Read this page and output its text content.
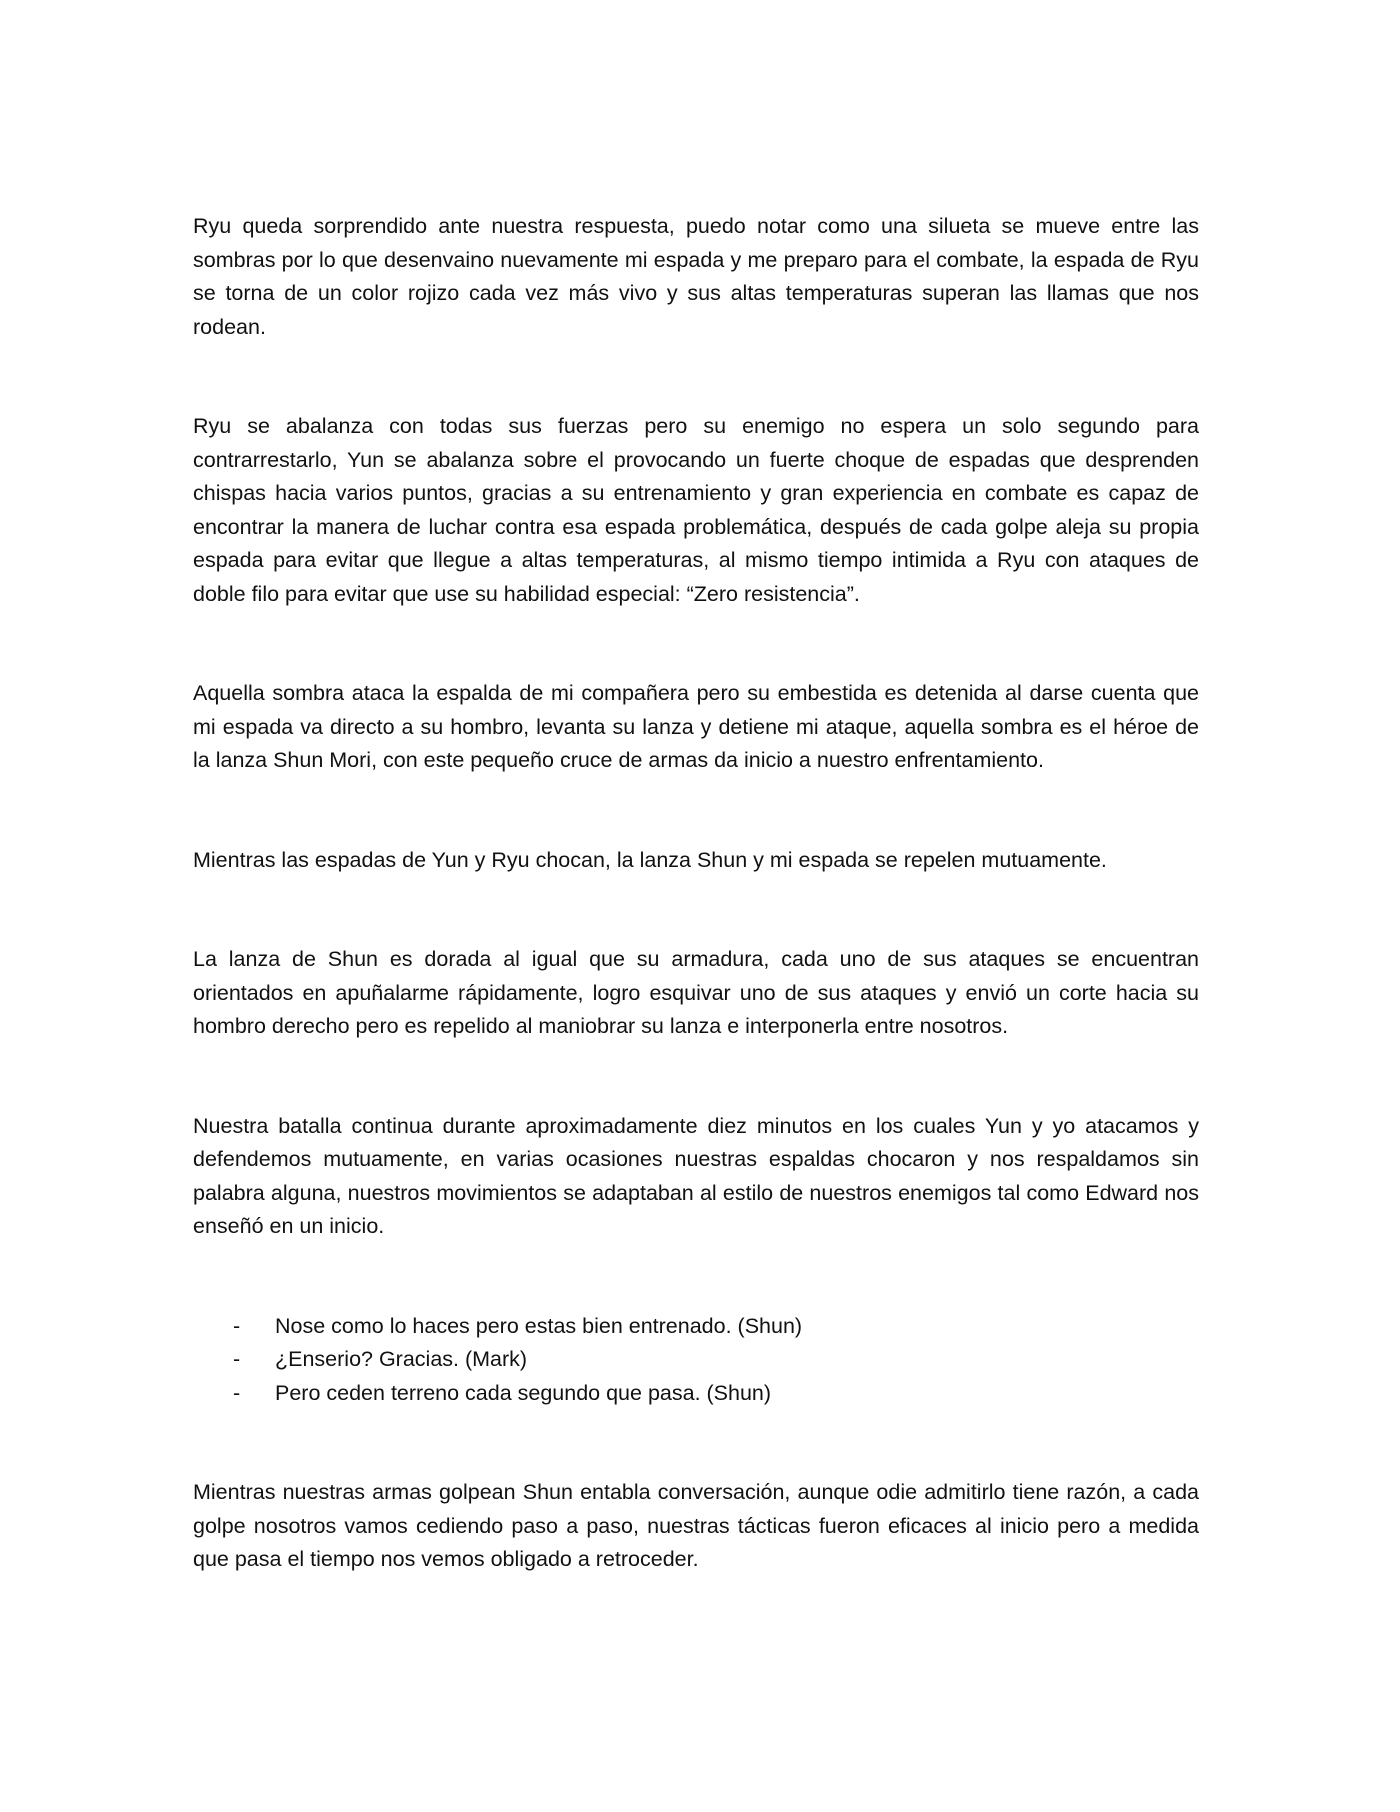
Ryu queda sorprendido ante nuestra respuesta, puedo notar como una silueta se mueve entre las sombras por lo que desenvaino nuevamente mi espada y me preparo para el combate, la espada de Ryu se torna de un color rojizo cada vez más vivo y sus altas temperaturas superan las llamas que nos rodean.

Ryu se abalanza con todas sus fuerzas pero su enemigo no espera un solo segundo para contrarrestarlo, Yun se abalanza sobre el provocando un fuerte choque de espadas que desprenden chispas hacia varios puntos, gracias a su entrenamiento y gran experiencia en combate es capaz de encontrar la manera de luchar contra esa espada problemática, después de cada golpe aleja su propia espada para evitar que llegue a altas temperaturas, al mismo tiempo intimida a Ryu con ataques de doble filo para evitar que use su habilidad especial: “Zero resistencia”.

Aquella sombra ataca la espalda de mi compañera pero su embestida es detenida al darse cuenta que mi espada va directo a su hombro, levanta su lanza y detiene mi ataque, aquella sombra es el héroe de la lanza Shun Mori, con este pequeño cruce de armas da inicio a nuestro enfrentamiento.

Mientras las espadas de Yun y Ryu chocan, la lanza Shun y mi espada se repelen mutuamente.

La lanza de Shun es dorada al igual que su armadura, cada uno de sus ataques se encuentran orientados en apuñalarme rápidamente, logro esquivar uno de sus ataques y envió un corte hacia su hombro derecho pero es repelido al maniobrar su lanza e interponerla entre nosotros.

Nuestra batalla continua durante aproximadamente diez minutos en los cuales Yun y yo atacamos y defendemos mutuamente, en varias ocasiones nuestras espaldas chocaron y nos respaldamos sin palabra alguna, nuestros movimientos se adaptaban al estilo de nuestros enemigos tal como Edward nos enseñó en un inicio.

- Nose como lo haces pero estas bien entrenado. (Shun)
- ¿Enserio? Gracias. (Mark)
- Pero ceden terreno cada segundo que pasa. (Shun)

Mientras nuestras armas golpean Shun entabla conversación, aunque odie admitirlo tiene razón, a cada golpe nosotros vamos cediendo paso a paso, nuestras tácticas fueron eficaces al inicio pero a medida que pasa el tiempo nos vemos obligado a retroceder.
